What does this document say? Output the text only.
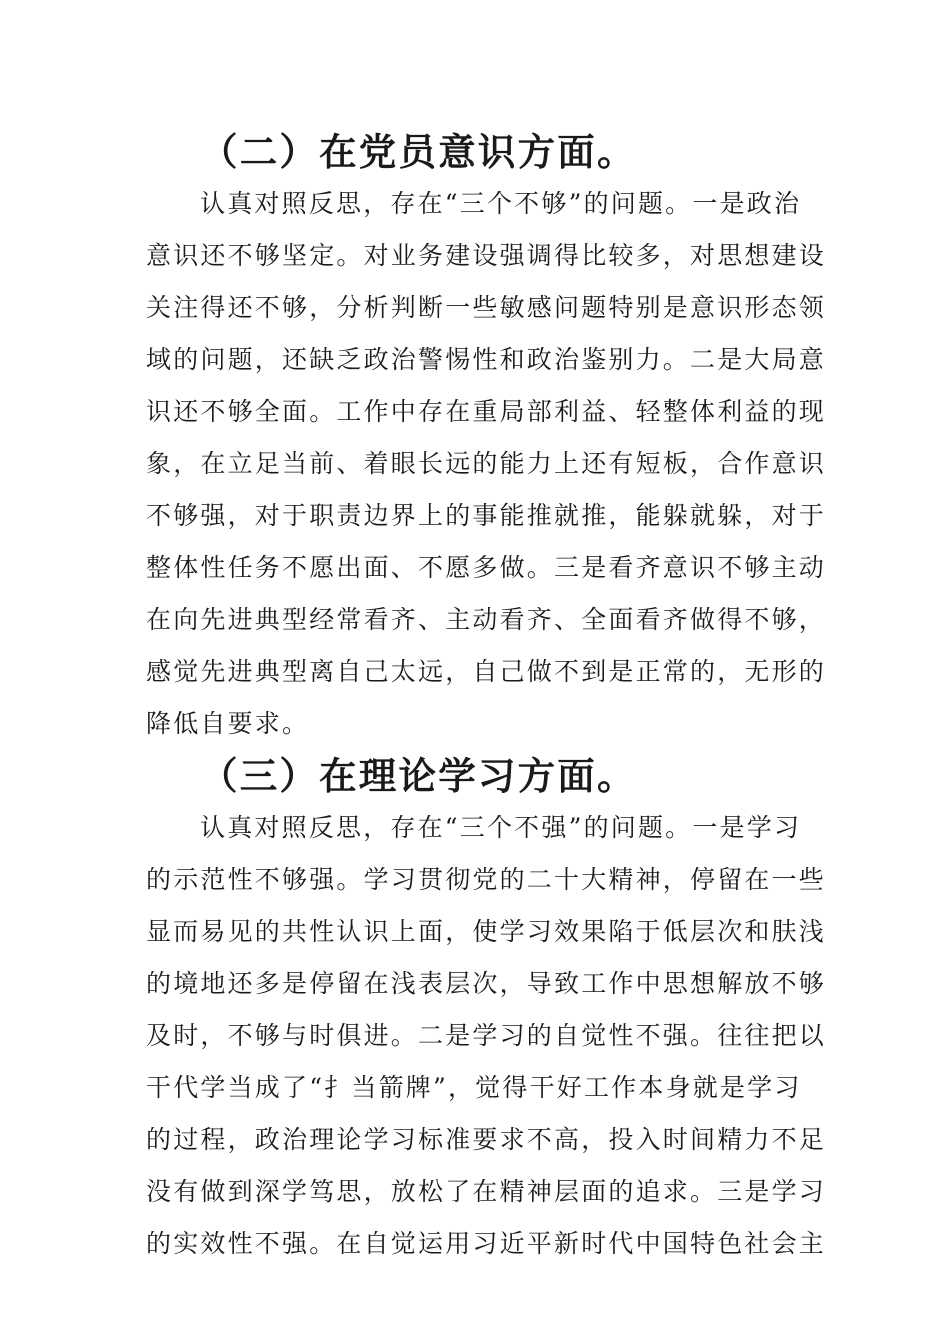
（二）在党员意识方面。
认真对照反思，存在“三个不够”的问题。一是政治
意识还不够坚定。对业务建设强调得比较多，对思想建设
关注得还不够，分析判断一些敏感问题特别是意识形态领
域的问题，还缺乏政治警惕性和政治鉴别力。二是大局意
识还不够全面。工作中存在重局部利益、轻整体利益的现
象，在立足当前、着眼长远的能力上还有短板，合作意识
不够强，对于职责边界上的事能推就推，能躲就躲，对于
整体性任务不愿出面、不愿多做。三是看齐意识不够主动
在向先进典型经常看齐、主动看齐、全面看齐做得不够，
感觉先进典型离自己太远，自己做不到是正常的，无形的
降低自要求。
（三）在理论学习方面。
认真对照反思，存在“三个不强”的问题。一是学习
的示范性不够强。学习贯彻党的二十大精神，停留在一些
显而易见的共性认识上面，使学习效果陷于低层次和肤浅
的境地还多是停留在浅表层次，导致工作中思想解放不够
及时，不够与时俱进。二是学习的自觉性不强。往往把以
干代学当成了“扌当箭牌”，觉得干好工作本身就是学习
的过程，政治理论学习标准要求不高，投入时间精力不足
没有做到深学笃思，放松了在精神层面的追求。三是学习
的实效性不强。在自觉运用习近平新时代中国特色社会主
